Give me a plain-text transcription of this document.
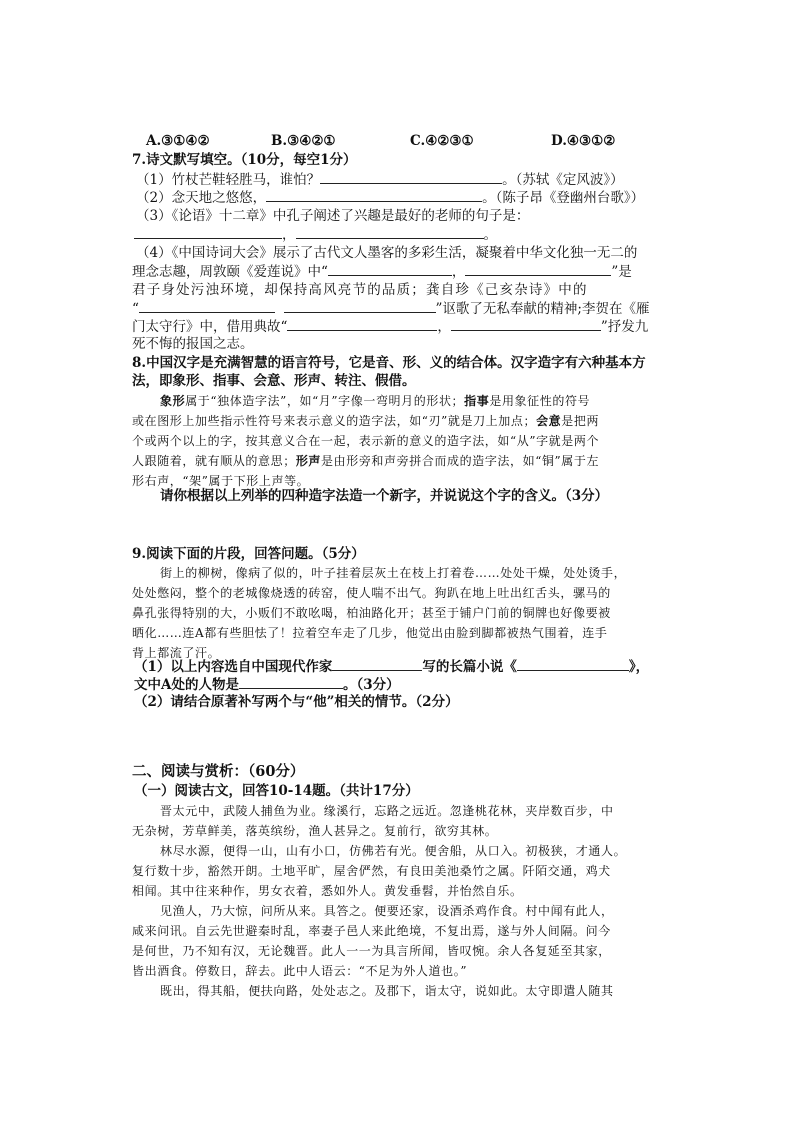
A.③①④②	B.③④②①	C.④②③①	D.④③①②
7.诗文默写填空。（10分，每空1分）
（1）竹杖芒鞋轻胜马，谁怕？	。（苏轼《定风波》）
（2）念天地之悠悠，	。（陈子昂《登幽州台歌》）
（3）《论语》十二章》中孔子阐述了兴趣是最好的老师的句子是：
，	。
（4）《中国诗词大会》展示了古代文人墨客的多彩生活，凝聚着中华文化独一无二的
理念志趣，周敦颐《爱莲说》中“	，	”是
君子身处污浊环境，却保持高风亮节的品质；龚自珍《己亥杂诗》中的
“	”讴歌了无私奉献的精神;李贺在《雁
门太守行》中，借用典故“	，	”抒发九
死不悔的报国之志。
8.中国汉字是充满智慧的语言符号，它是音、形、义的结合体。汉字造字有六种基本方
法，即象形、指事、会意、形声、转注、假借。
象形属于“独体造字法”，如“月”字像一弯明月的形状；指事是用象征性的符号
或在图形上加些指示性符号来表示意义的造字法，如“刃”就是刀上加点；会意是把两
个或两个以上的字，按其意义合在一起，表示新的意义的造字法，如“从”字就是两个
人跟随着，就有顺从的意思；形声是由形旁和声旁拼合而成的造字法，如“铜”属于左
形右声，“架”属于下形上声等。
请你根据以上列举的四种造字法造一个新字，并说说这个字的含义。（3分）
9.阅读下面的片段，回答问题。（5分）
街上的柳树，像病了似的，叶子挂着层灰土在枝上打着卷……处处干燥，处处烫手，
处处憋闷，整个的老城像烧透的砖窑，使人喘不出气。狗趴在地上吐出红舌头，骡马的
鼻孔张得特别的大，小贩们不敢吆喝，柏油路化开；甚至于铺户门前的铜牌也好像要被
晒化……连A都有些胆怯了！拉着空车走了几步，他觉出由脸到脚都被热气围着，连手
背上都流了汗。
（1）以上内容选自中国现代作家	写的长篇小说《	》，
文中A处的人物是	。（3分）
（2）请结合原著补写两个与“他”相关的情节。（2分）
二、阅读与赏析：（60分）
（一）阅读古文，回答10-14题。（共计17分）
晋太元中，武陵人捕鱼为业。缘溪行，忘路之远近。忽逢桃花林，夹岸数百步，中
无杂树，芳草鲜美，落英缤纷，渔人甚异之。复前行，欲穷其林。
林尽水源，便得一山，山有小口，仿佛若有光。便舍船，从口入。初极狭，才通人。
复行数十步，豁然开朗。土地平旷，屋舍俨然，有良田美池桑竹之属。阡陌交通，鸡犬
相闻。其中往来种作，男女衣着，悉如外人。黄发垂髫，并怡然自乐。
见渔人，乃大惊，问所从来。具答之。便要还家，设酒杀鸡作食。村中闻有此人，
咸来问讯。自云先世避秦时乱，率妻子邑人来此绝境，不复出焉，遂与外人间隔。问今
是何世，乃不知有汉，无论魏晋。此人一一为具言所闻，皆叹惋。余人各复延至其家，
皆出酒食。停数日，辞去。此中人语云：“不足为外人道也。”
既出，得其船，便扶向路，处处志之。及郡下，诣太守，说如此。太守即遣人随其
